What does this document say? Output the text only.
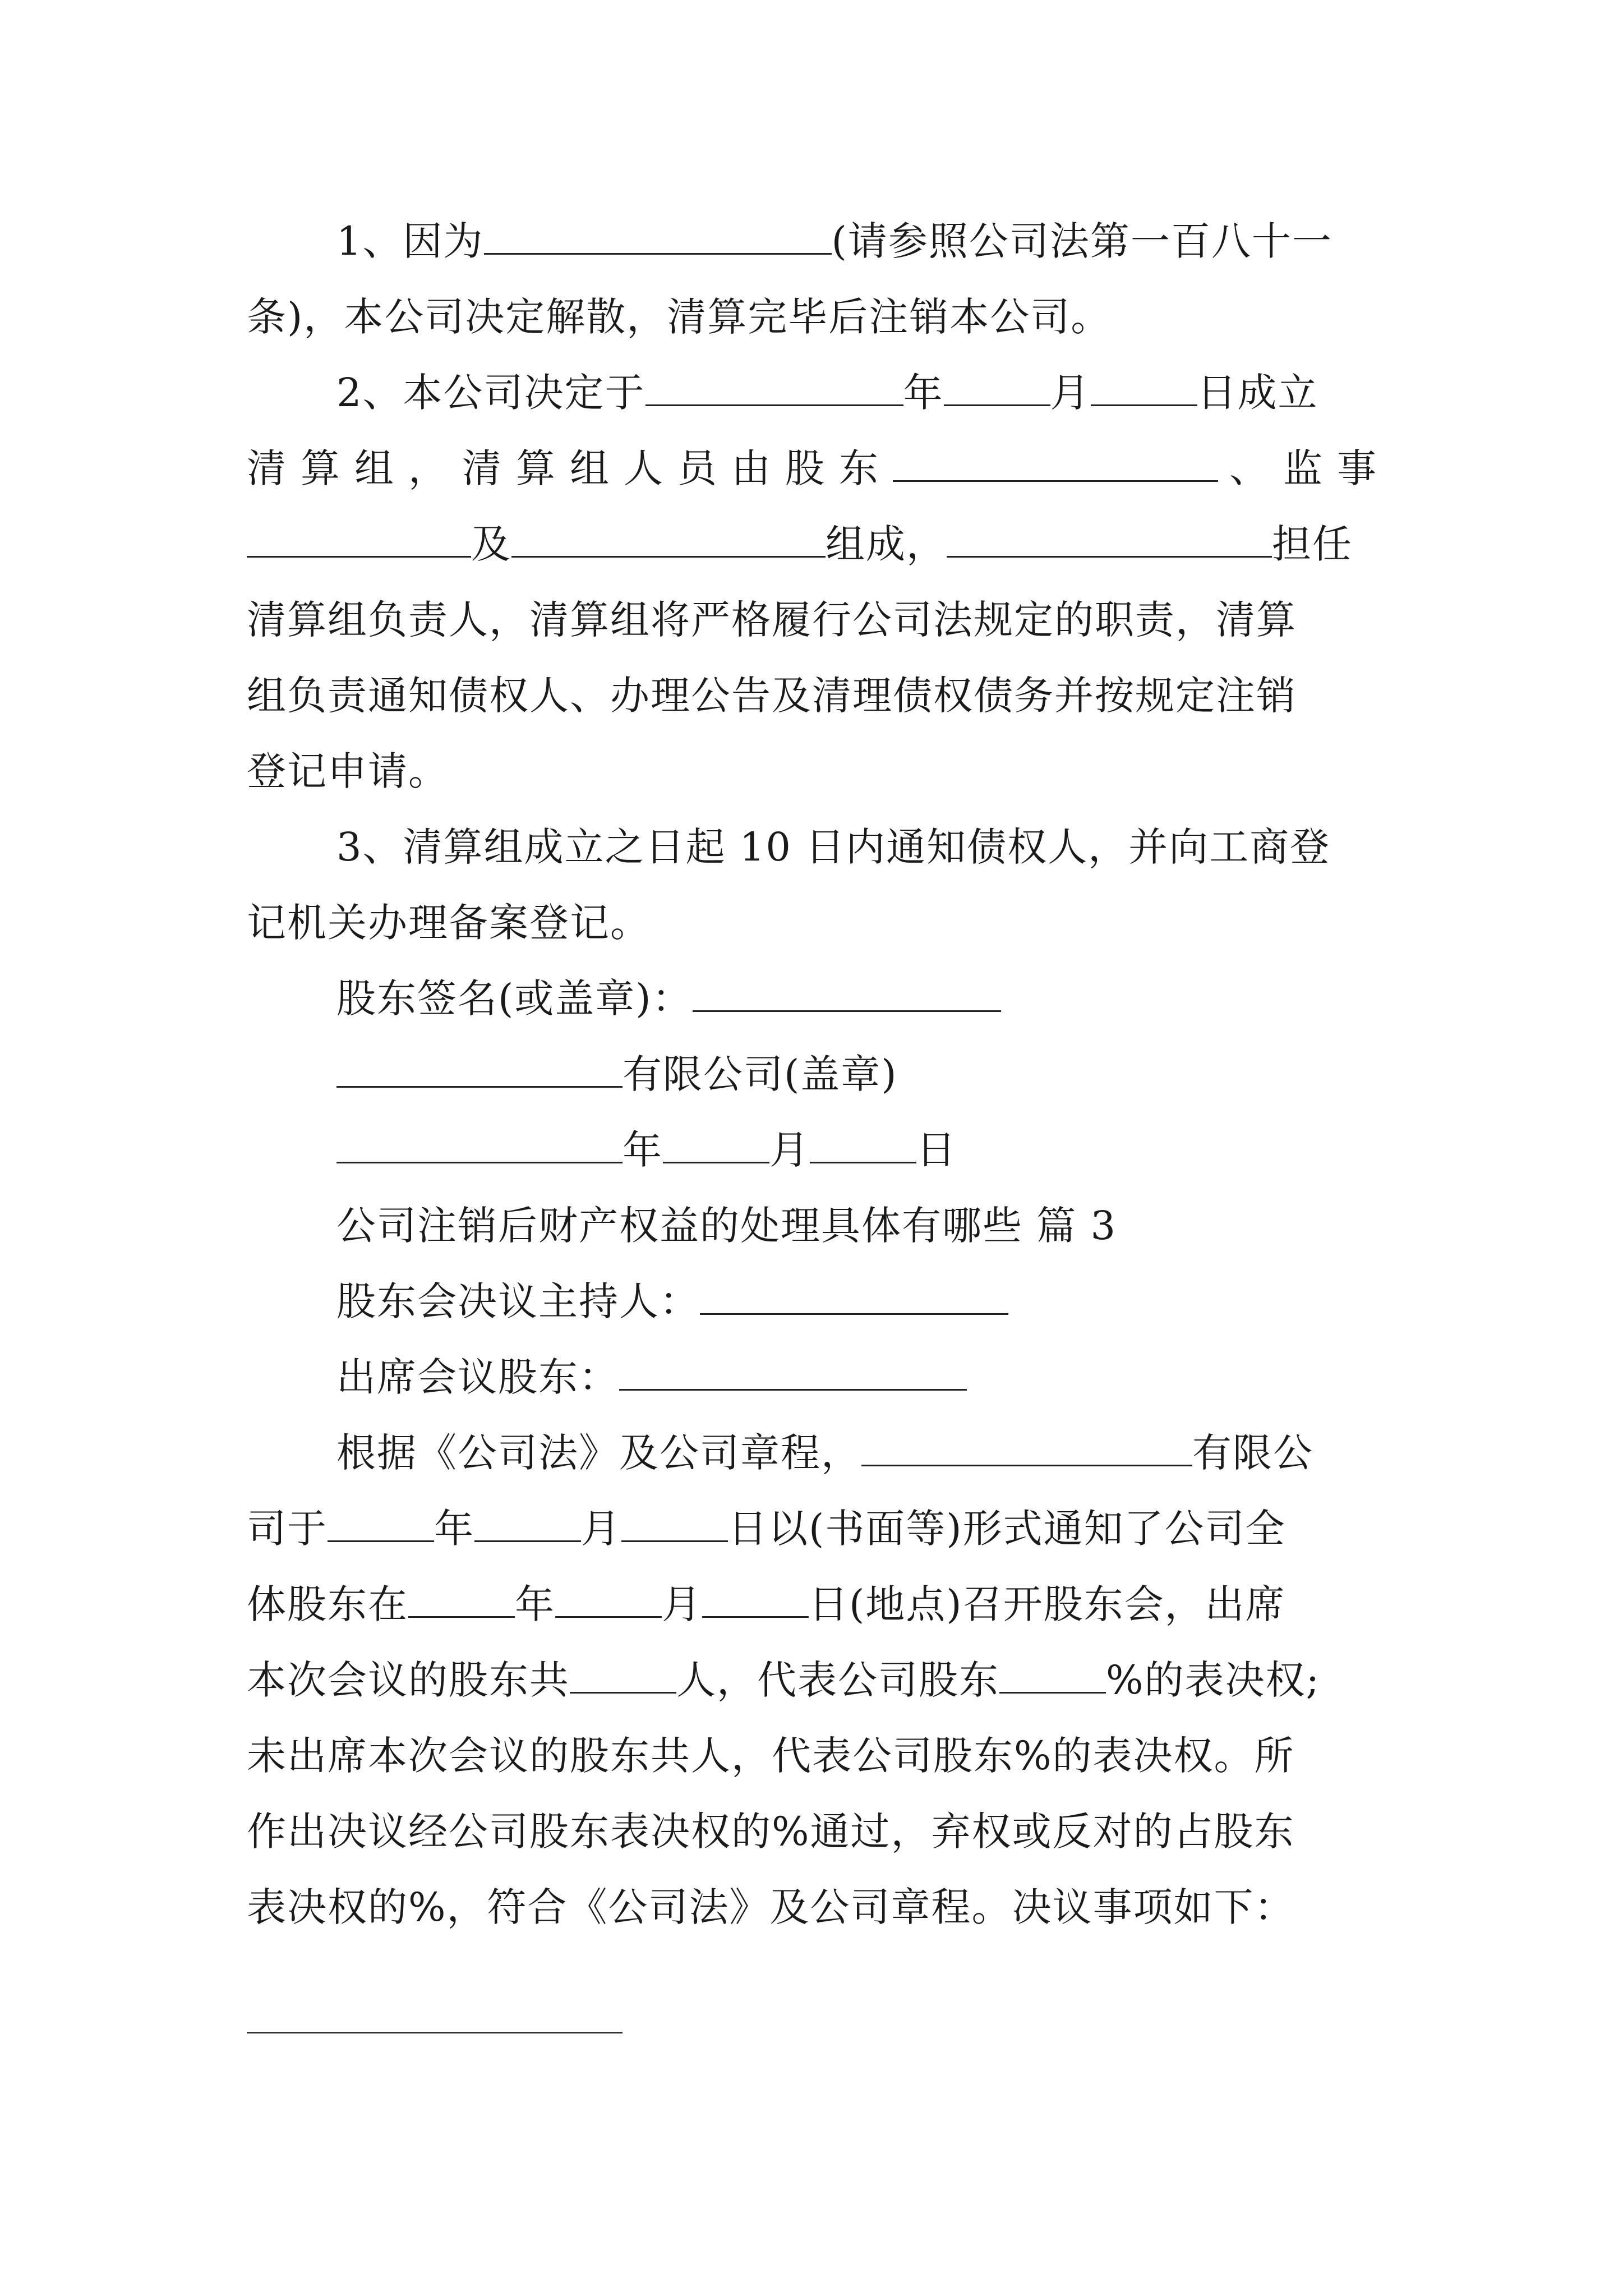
1、因为	(请参照公司法第一百八十一
条)，本公司决定解散，清算完毕后注销本公司。
2、本公司决定于	年	月	日成立
清算组，清算组人员由股东	、监事
及	组成，	担任
清算组负责人，清算组将严格履行公司法规定的职责，清算
组负责通知债权人、办理公告及清理债权债务并按规定注销
登记申请。
3、清算组成立之日起 10 日内通知债权人，并向工商登
记机关办理备案登记。
股东签名(或盖章)：
有限公司(盖章)
年	月	日
公司注销后财产权益的处理具体有哪些 篇 3
股东会决议主持人：
出席会议股东：
根据《公司法》及公司章程，	有限公
司于	年	月	日以(书面等)形式通知了公司全
体股东在	年	月	日(地点)召开股东会，出席
本次会议的股东共	人，代表公司股东	%的表决权;
未出席本次会议的股东共人，代表公司股东%的表决权。所
作出决议经公司股东表决权的%通过，弃权或反对的占股东
表决权的%，符合《公司法》及公司章程。决议事项如下：
